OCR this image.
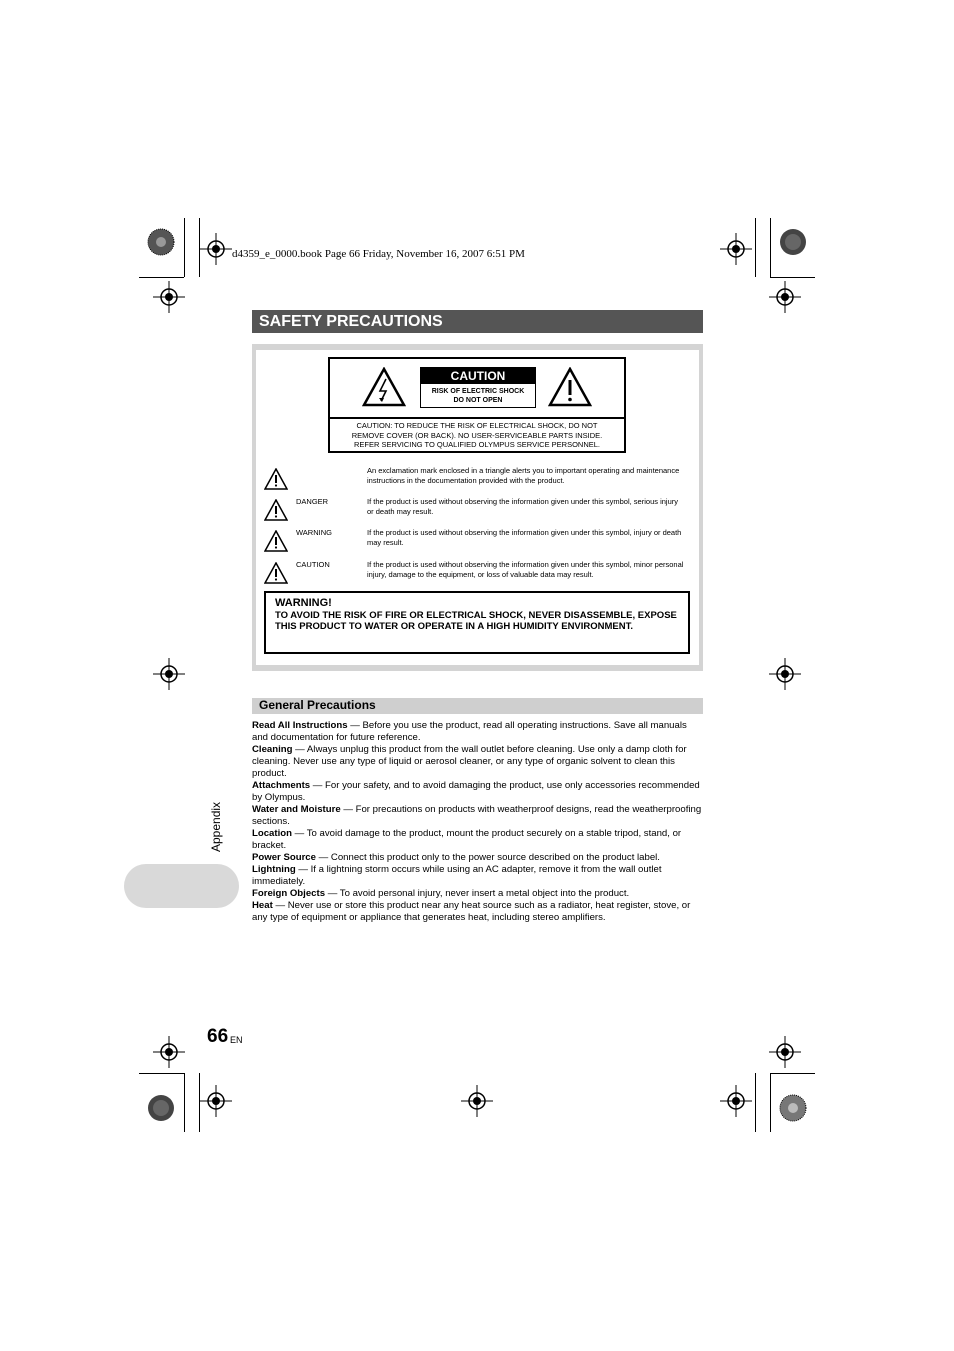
d4359_e_0000.book Page 66 Friday, November 16, 2007 6:51 PM
SAFETY PRECAUTIONS
CAUTION
RISK OF ELECTRIC SHOCK
DO NOT OPEN
CAUTION: TO REDUCE THE RISK OF ELECTRICAL SHOCK, DO NOT
REMOVE COVER (OR BACK). NO USER-SERVICEABLE PARTS INSIDE.
REFER SERVICING TO QUALIFIED OLYMPUS SERVICE PERSONNEL.
An exclamation mark enclosed in a triangle alerts you to important operating and maintenance instructions in the documentation provided with the product.
DANGER	If the product is used without observing the information given under this symbol, serious injury or death may result.
WARNING	If the product is used without observing the information given under this symbol, injury or death may result.
CAUTION	If the product is used without observing the information given under this symbol, minor personal injury, damage to the equipment, or loss of valuable data may result.
WARNING!
TO AVOID THE RISK OF FIRE OR ELECTRICAL SHOCK, NEVER DISASSEMBLE, EXPOSE THIS PRODUCT TO WATER OR OPERATE IN A HIGH HUMIDITY ENVIRONMENT.
General Precautions

Read All Instructions — Before you use the product, read all operating instructions. Save all manuals and documentation for future reference.

Cleaning — Always unplug this product from the wall outlet before cleaning. Use only a damp cloth for cleaning. Never use any type of liquid or aerosol cleaner, or any type of organic solvent to clean this product.

Attachments — For your safety, and to avoid damaging the product, use only accessories recommended by Olympus.

Water and Moisture — For precautions on products with weatherproof designs, read the weatherproofing sections.

Location — To avoid damage to the product, mount the product securely on a stable tripod, stand, or bracket.

Power Source — Connect this product only to the power source described on the product label.

Lightning — If a lightning storm occurs while using an AC adapter, remove it from the wall outlet immediately.

Foreign Objects — To avoid personal injury, never insert a metal object into the product.

Heat — Never use or store this product near any heat source such as a radiator, heat register, stove, or any type of equipment or appliance that generates heat, including stereo amplifiers.

Appendix
66 EN
